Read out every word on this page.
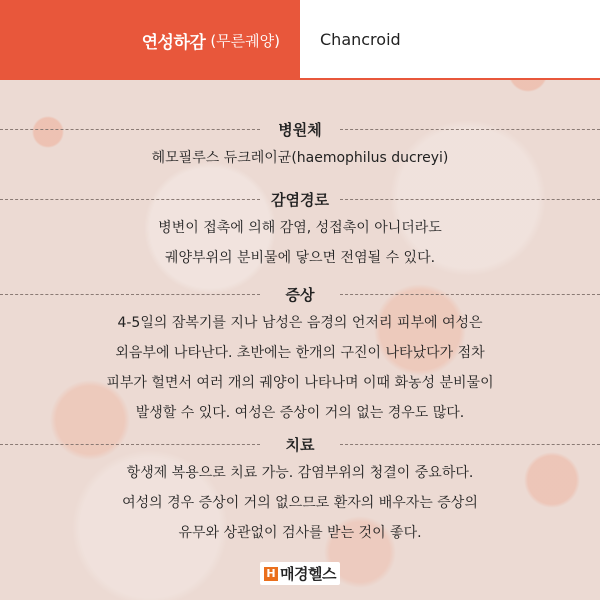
연성하감 (무른궤양)	Chancroid
병원체
헤모필루스 듀크레이균(haemophilus ducreyi)
감염경로
병변이 접촉에 의해 감염, 성접촉이 아니더라도
궤양부위의 분비물에 닿으면 전염될 수 있다.
증상
4-5일의 잠복기를 지나 남성은 음경의 언저리 피부에 여성은
외음부에 나타난다. 초반에는 한개의 구진이 나타났다가 점차
피부가 헐면서 여러 개의 궤양이 나타나며 이때 화농성 분비물이
발생할 수 있다. 여성은 증상이 거의 없는 경우도 많다.
치료
항생제 복용으로 치료 가능. 감염부위의 청결이 중요하다.
여성의 경우 증상이 거의 없으므로 환자의 배우자는 증상의
유무와 상관없이 검사를 받는 것이 좋다.
H 매경헬스
